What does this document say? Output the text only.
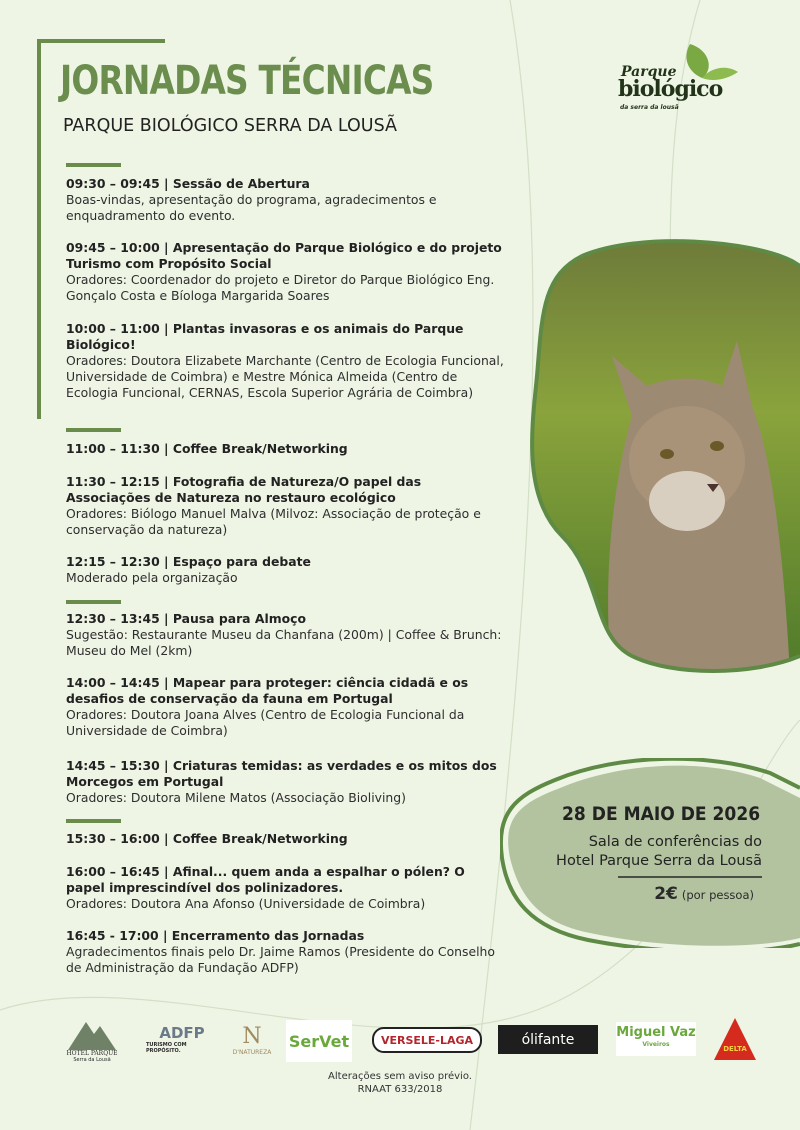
JORNADAS TÉCNICAS
PARQUE BIOLÓGICO SERRA DA LOUSÃ
Parque
biológico
da serra da lousã
09:30 – 09:45 | Sessão de Abertura
Boas-vindas, apresentação do programa, agradecimentos e enquadramento do evento.
09:45 – 10:00 | Apresentação do Parque Biológico e do projeto Turismo com Propósito Social
Oradores: Coordenador do projeto e Diretor do Parque Biológico Eng. Gonçalo Costa e Bíologa Margarida Soares
10:00 – 11:00 | Plantas invasoras e os animais do Parque Biológico!
Oradores: Doutora Elizabete Marchante (Centro de Ecologia Funcional, Universidade de Coimbra) e Mestre Mónica Almeida (Centro de Ecologia Funcional, CERNAS, Escola Superior Agrária de Coimbra)
11:00 – 11:30 | Coffee Break/Networking
11:30 – 12:15 | Fotografia de Natureza/O papel das Associações de Natureza no restauro ecológico
Oradores: Biólogo Manuel Malva (Milvoz: Associação de proteção e conservação da natureza)
12:15 – 12:30 | Espaço para debate
Moderado pela organização
12:30 – 13:45 | Pausa para Almoço
Sugestão: Restaurante Museu da Chanfana (200m) | Coffee & Brunch: Museu do Mel (2km)
14:00 – 14:45 | Mapear para proteger: ciência cidadã e os desafios de conservação da fauna em Portugal
Oradores: Doutora Joana Alves (Centro de Ecologia Funcional da Universidade de Coimbra)
14:45 – 15:30 | Criaturas temidas: as verdades e os mitos dos Morcegos em Portugal
Oradores: Doutora Milene Matos (Associação Bioliving)
15:30 – 16:00 | Coffee Break/Networking
16:00 – 16:45 | Afinal... quem anda a espalhar o pólen? O papel imprescindível dos polinizadores.
Oradores: Doutora Ana Afonso (Universidade de Coimbra)
16:45 - 17:00 | Encerramento das Jornadas
Agradecimentos finais pelo Dr. Jaime Ramos (Presidente do Conselho de Administração da Fundação ADFP)
28 DE MAIO DE 2026
Sala de conferências do
Hotel Parque Serra da Lousã
2€ (por pessoa)
HOTEL PARQUE
Serra da Lousã
ADFP
TURISMO COM PROPÓSITO.
N
D'NATUREZA
SerVet	VERSELE-LAGA	ólifante	Miguel Vaz
Viveiros
DELTA
Alterações sem aviso prévio.
RNAAT 633/2018
